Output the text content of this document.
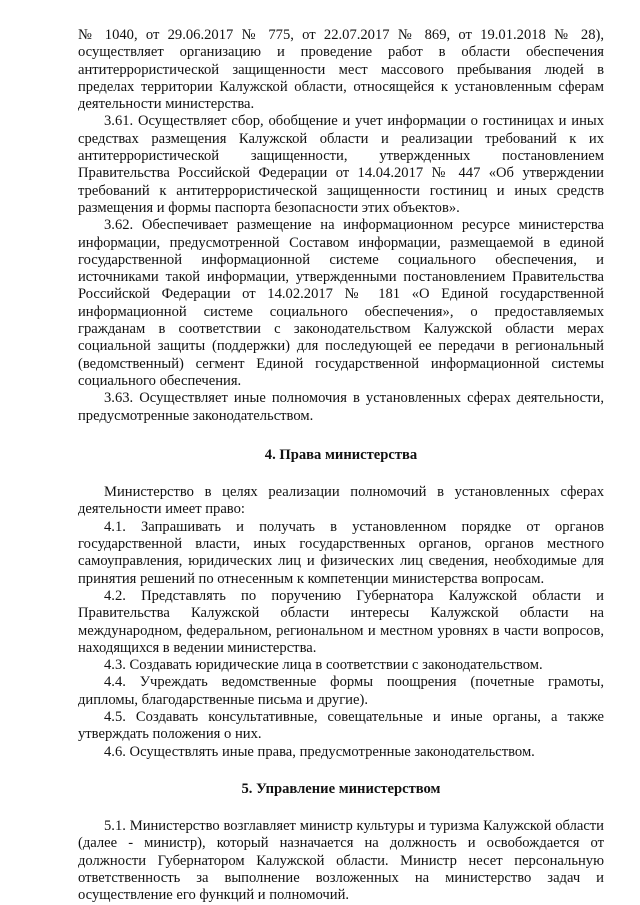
№ 1040, от 29.06.2017 № 775, от 22.07.2017 № 869, от 19.01.2018 № 28), осуществляет организацию и проведение работ в области обеспечения антитеррористической защищенности мест массового пребывания людей в пределах территории Калужской области, относящейся к установленным сферам деятельности министерства.

3.61. Осуществляет сбор, обобщение и учет информации о гостиницах и иных средствах размещения Калужской области и реализации требований к их антитеррористической защищенности, утвержденных постановлением Правительства Российской Федерации от 14.04.2017 № 447 «Об утверждении требований к антитеррористической защищенности гостиниц и иных средств размещения и формы паспорта безопасности этих объектов».

3.62. Обеспечивает размещение на информационном ресурсе министерства информации, предусмотренной Составом информации, размещаемой в единой государственной информационной системе социального обеспечения, и источниками такой информации, утвержденными постановлением Правительства Российской Федерации от 14.02.2017 № 181 «О Единой государственной информационной системе социального обеспечения», о предоставляемых гражданам в соответствии с законодательством Калужской области мерах социальной защиты (поддержки) для последующей ее передачи в региональный (ведомственный) сегмент Единой государственной информационной системы социального обеспечения.

3.63. Осуществляет иные полномочия в установленных сферах деятельности, предусмотренные законодательством.

4. Права министерства

Министерство в целях реализации полномочий в установленных сферах деятельности имеет право:

4.1. Запрашивать и получать в установленном порядке от органов государственной власти, иных государственных органов, органов местного самоуправления, юридических лиц и физических лиц сведения, необходимые для принятия решений по отнесенным к компетенции министерства вопросам.

4.2. Представлять по поручению Губернатора Калужской области и Правительства Калужской области интересы Калужской области на международном, федеральном, региональном и местном уровнях в части вопросов, находящихся в ведении министерства.

4.3. Создавать юридические лица в соответствии с законодательством.

4.4. Учреждать ведомственные формы поощрения (почетные грамоты, дипломы, благодарственные письма и другие).

4.5. Создавать консультативные, совещательные и иные органы, а также утверждать положения о них.

4.6. Осуществлять иные права, предусмотренные законодательством.

5. Управление министерством

5.1. Министерство возглавляет министр культуры и туризма Калужской области (далее - министр), который назначается на должность и освобождается от должности Губернатором Калужской области. Министр несет персональную ответственность за выполнение возложенных на министерство задач и осуществление его функций и полномочий.
